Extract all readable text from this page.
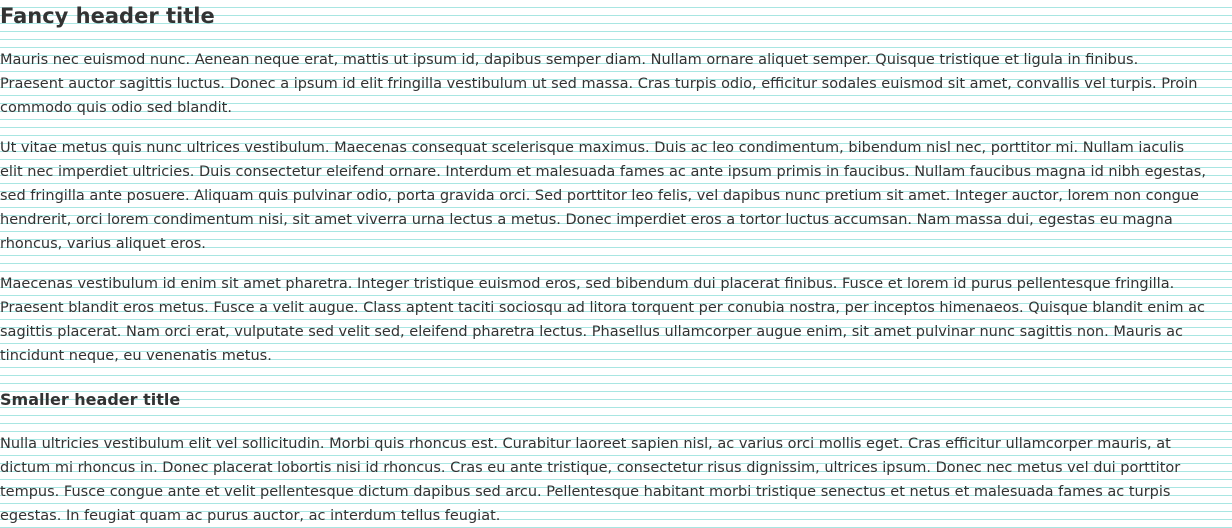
Fancy header title

Mauris nec euismod nunc. Aenean neque erat, mattis ut ipsum id, dapibus semper diam. Nullam ornare aliquet semper. Quisque tristique et ligula in finibus.
Praesent auctor sagittis luctus. Donec a ipsum id elit fringilla vestibulum ut sed massa. Cras turpis odio, efficitur sodales euismod sit amet, convallis vel turpis. Proin
commodo quis odio sed blandit.

Ut vitae metus quis nunc ultrices vestibulum. Maecenas consequat scelerisque maximus. Duis ac leo condimentum, bibendum nisl nec, porttitor mi. Nullam iaculis
elit nec imperdiet ultricies. Duis consectetur eleifend ornare. Interdum et malesuada fames ac ante ipsum primis in faucibus. Nullam faucibus magna id nibh egestas,
sed fringilla ante posuere. Aliquam quis pulvinar odio, porta gravida orci. Sed porttitor leo felis, vel dapibus nunc pretium sit amet. Integer auctor, lorem non congue
hendrerit, orci lorem condimentum nisi, sit amet viverra urna lectus a metus. Donec imperdiet eros a tortor luctus accumsan. Nam massa dui, egestas eu magna
rhoncus, varius aliquet eros.

Maecenas vestibulum id enim sit amet pharetra. Integer tristique euismod eros, sed bibendum dui placerat finibus. Fusce et lorem id purus pellentesque fringilla.
Praesent blandit eros metus. Fusce a velit augue. Class aptent taciti sociosqu ad litora torquent per conubia nostra, per inceptos himenaeos. Quisque blandit enim ac
sagittis placerat. Nam orci erat, vulputate sed velit sed, eleifend pharetra lectus. Phasellus ullamcorper augue enim, sit amet pulvinar nunc sagittis non. Mauris ac
tincidunt neque, eu venenatis metus.

Smaller header title

Nulla ultricies vestibulum elit vel sollicitudin. Morbi quis rhoncus est. Curabitur laoreet sapien nisl, ac varius orci mollis eget. Cras efficitur ullamcorper mauris, at
dictum mi rhoncus in. Donec placerat lobortis nisi id rhoncus. Cras eu ante tristique, consectetur risus dignissim, ultrices ipsum. Donec nec metus vel dui porttitor
tempus. Fusce congue ante et velit pellentesque dictum dapibus sed arcu. Pellentesque habitant morbi tristique senectus et netus et malesuada fames ac turpis
egestas. In feugiat quam ac purus auctor, ac interdum tellus feugiat.
